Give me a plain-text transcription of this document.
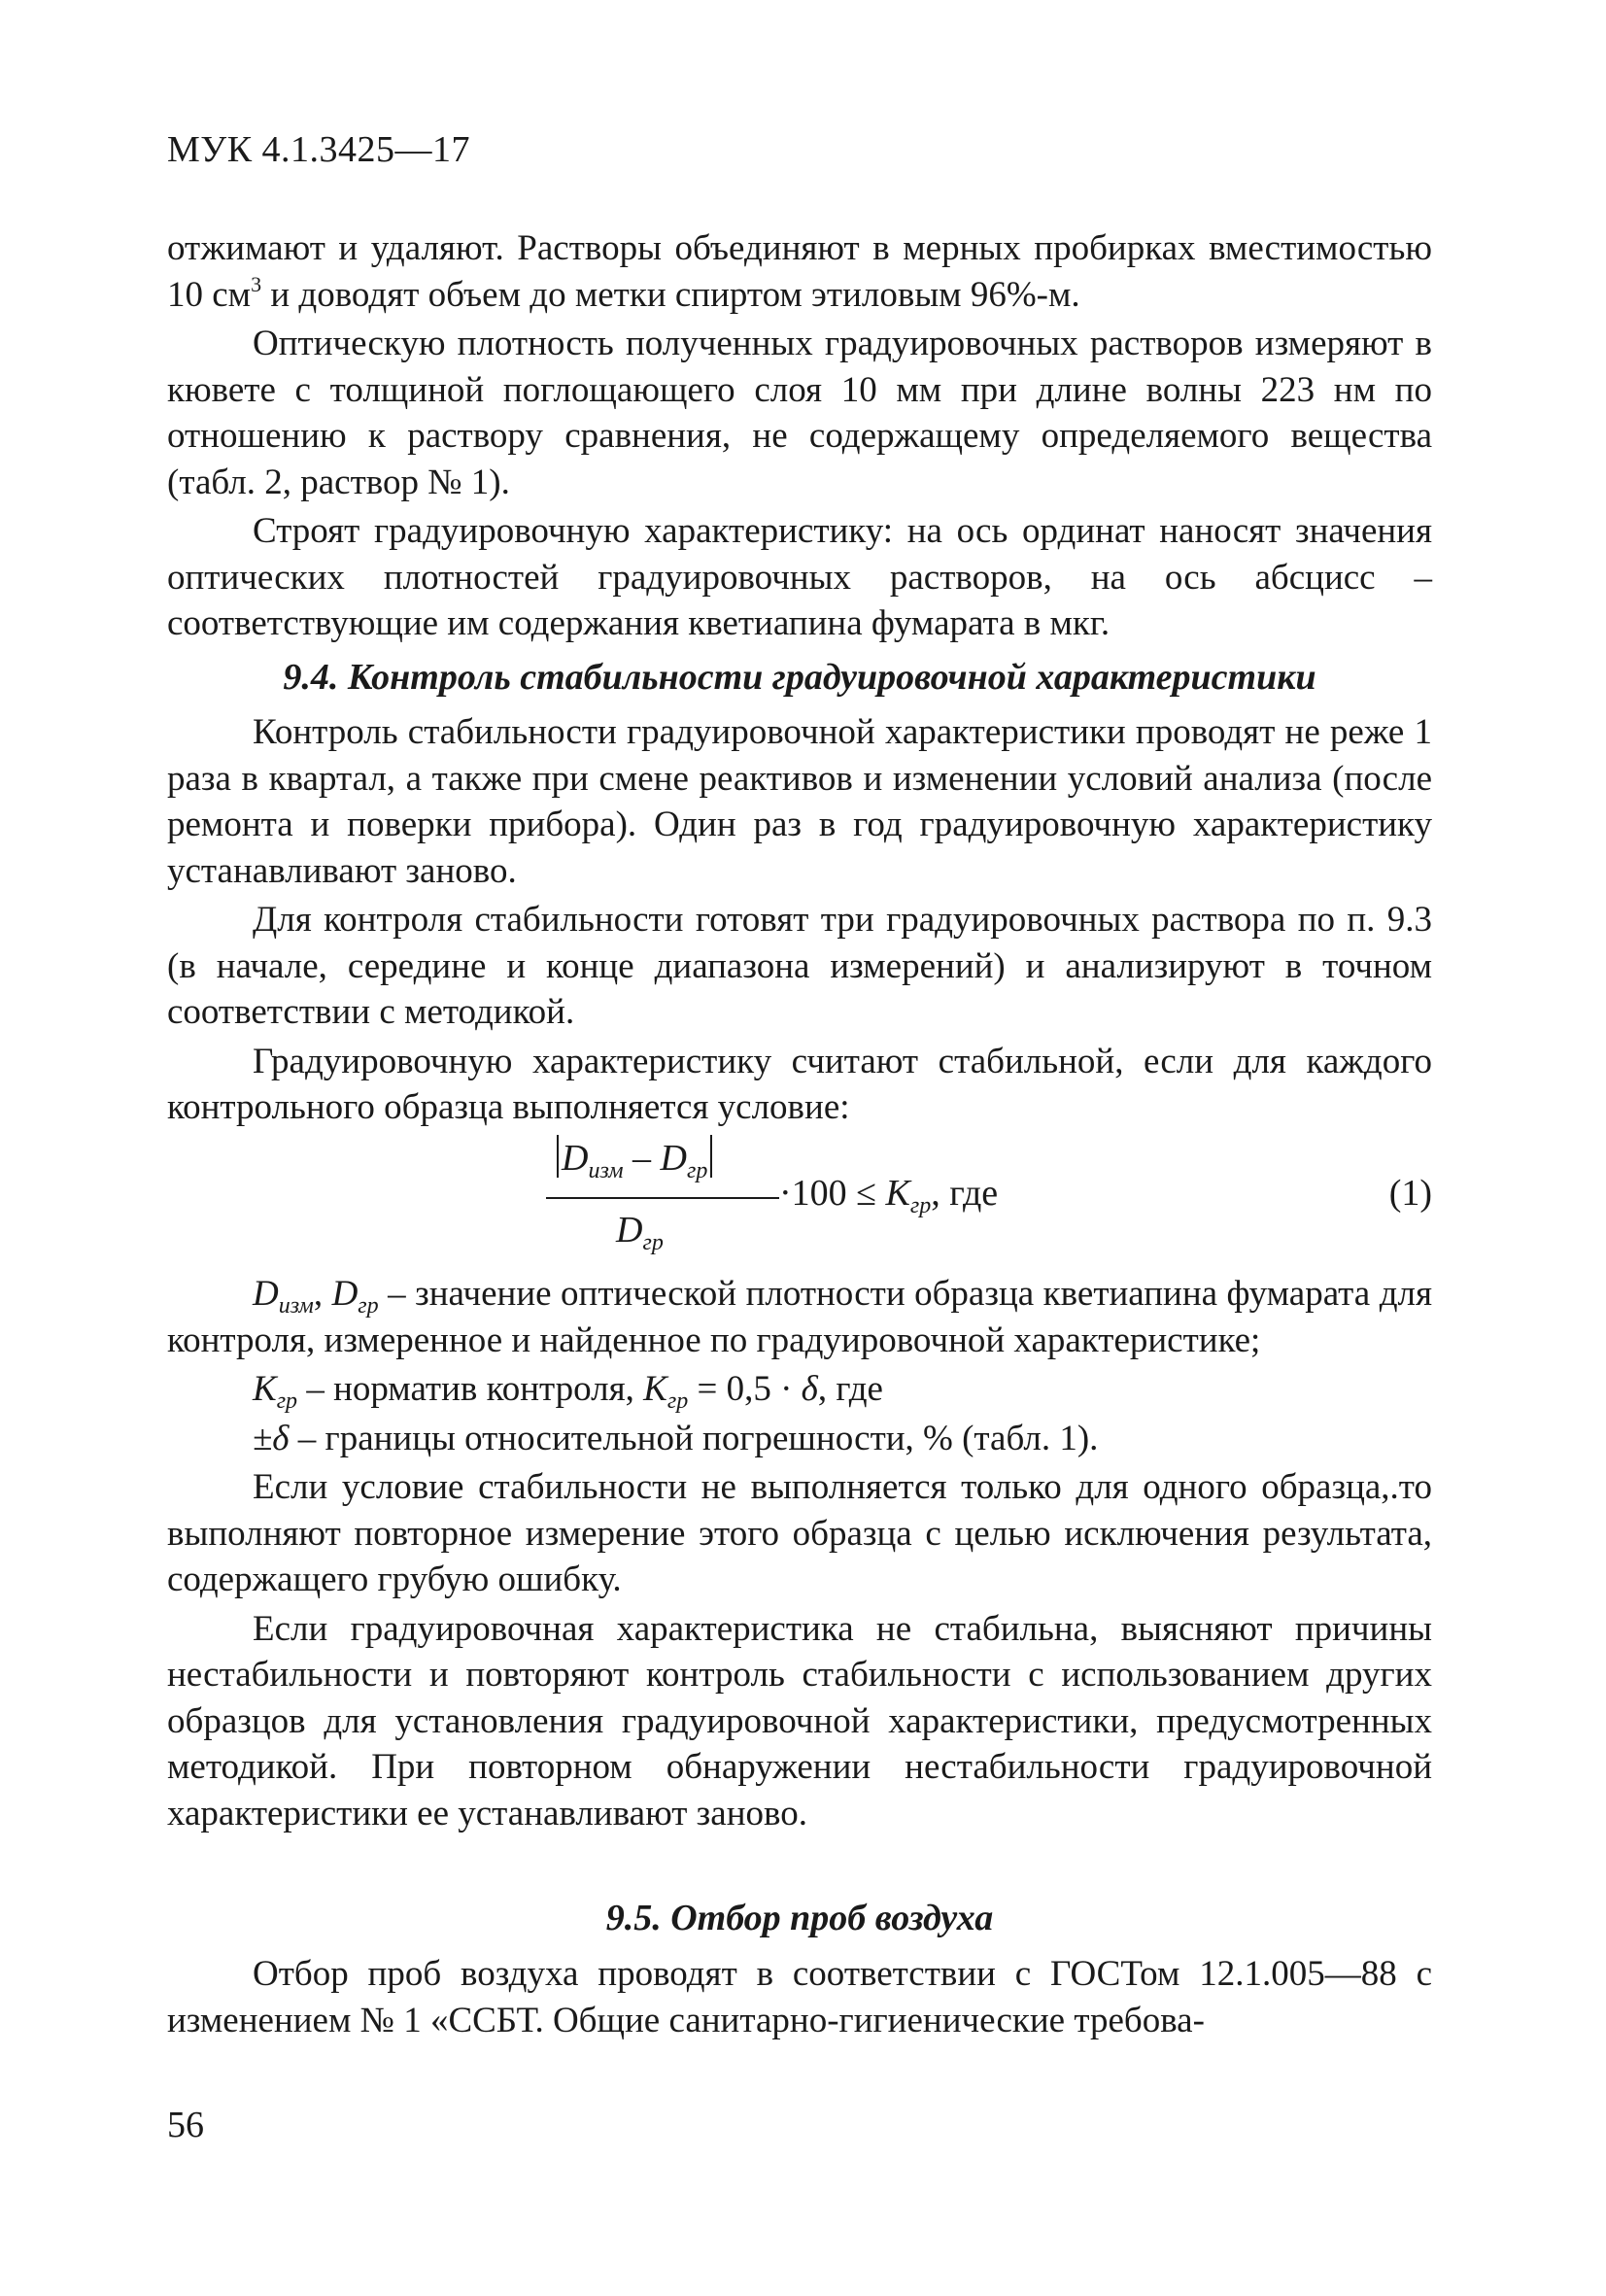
МУК 4.1.3425—17

отжимают и удаляют. Растворы объединяют в мерных пробирках вместимостью 10 $см^3$ и доводят объем до метки спиртом этиловым 96%-м.

Оптическую плотность полученных градуировочных растворов измеряют в кювете с толщиной поглощающего слоя 10 мм при длине волны 223 нм по отношению к раствору сравнения, не содержащему определяемого вещества (табл. 2, раствор № 1).

Строят градуировочную характеристику: на ось ординат наносят значения оптических плотностей градуировочных растворов, на ось абсцисс – соответствующие им содержания кветиапина фумарата в мкг.

9.4. Контроль стабильности градуировочной характеристики

Контроль стабильности градуировочной характеристики проводят не реже 1 раза в квартал, а также при смене реактивов и изменении условий анализа (после ремонта и поверки прибора). Один раз в год градуировочную характеристику устанавливают заново.

Для контроля стабильности готовят три градуировочных раствора по п. 9.3 (в начале, середине и конце диапазона измерений) и анализируют в точном соответствии с методикой.

Градуировочную характеристику считают стабильной, если для каждого контрольного образца выполняется условие:

$D_{изм} - D_{гр}$
$D_{гр}$
$\cdot 100 \le K_{гр}$, где	(1)

$D_{изм}$, $D_{гр}$ – значение оптической плотности образца кветиапина фумарата для контроля, измеренное и найденное по градуировочной характеристике;

$K_{гр}$ – норматив контроля, $K_{гр} = 0,5 \cdot \delta$, где

±δ – границы относительной погрешности, % (табл. 1).

Если условие стабильности не выполняется только для одного образца,.то выполняют повторное измерение этого образца с целью исключения результата, содержащего грубую ошибку.

Если градуировочная характеристика не стабильна, выясняют причины нестабильности и повторяют контроль стабильности с использованием других образцов для установления градуировочной характеристики, предусмотренных методикой. При повторном обнаружении нестабильности градуировочной характеристики ее устанавливают заново.

9.5. Отбор проб воздуха

Отбор проб воздуха проводят в соответствии с ГОСТом 12.1.005—88 с изменением № 1 «ССБТ. Общие санитарно-гигиенические требова-

56
